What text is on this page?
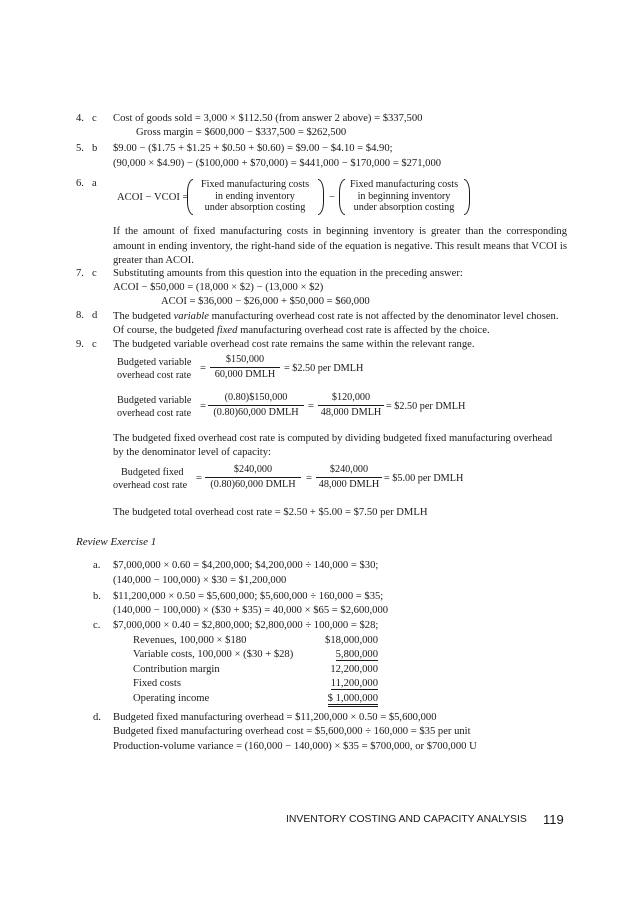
4. c Cost of goods sold = 3,000 × $112.50 (from answer 2 above) = $337,500
Gross margin = $600,000 − $337,500 = $262,500
5. b $9.00 − ($1.75 + $1.25 + $0.50 + $0.60) = $9.00 − $4.10 = $4.90;
(90,000 × $4.90) − ($100,000 + $70,000) = $441,000 − $170,000 = $271,000
6. a
ACOI − VCOI =
Fixed manufacturing costs
in ending inventory
under absorption costing
−
Fixed manufacturing costs
in beginning inventory
under absorption costing
If the amount of fixed manufacturing costs in beginning inventory is greater than the corresponding amount in ending inventory, the right-hand side of the equation is negative. This result means that VCOI is greater than ACOI.
7. c Substituting amounts from this question into the equation in the preceding answer:
ACOI − $50,000 = (18,000 × $2) − (13,000 × $2)
ACOI = $36,000 − $26,000 + $50,000 = $60,000
8. d The budgeted variable manufacturing overhead cost rate is not affected by the denominator level chosen. Of course, the budgeted fixed manufacturing overhead cost rate is affected by the choice.
9. c The budgeted variable overhead cost rate remains the same within the relevant range.
Budgeted variable
overhead cost rate
=
$150,000
60,000 DMLH
= $2.50 per DMLH
Budgeted variable
overhead cost rate
=
(0.80)$150,000
(0.80)60,000 DMLH
=
$120,000
48,000 DMLH
= $2.50 per DMLH
The budgeted fixed overhead cost rate is computed by dividing budgeted fixed manufacturing overhead by the denominator level of capacity:
Budgeted fixed
overhead cost rate
=
$240,000
(0.80)60,000 DMLH
=
$240,000
48,000 DMLH
= $5.00 per DMLH
The budgeted total overhead cost rate = $2.50 + $5.00 = $7.50 per DMLH
Review Exercise 1
a. $7,000,000 × 0.60 = $4,200,000; $4,200,000 ÷ 140,000 = $30;
(140,000 − 100,000) × $30 = $1,200,000
b. $11,200,000 × 0.50 = $5,600,000; $5,600,000 ÷ 160,000 = $35;
(140,000 − 100,000) × ($30 + $35) = 40,000 × $65 = $2,600,000
c. $7,000,000 × 0.40 = $2,800,000; $2,800,000 ÷ 100,000 = $28;
Revenues, 100,000 × $180	$18,000,000
Variable costs, 100,000 × ($30 + $28)	5,800,000
Contribution margin	12,200,000
Fixed costs	11,200,000
Operating income	$ 1,000,000
d. Budgeted fixed manufacturing overhead = $11,200,000 × 0.50 = $5,600,000
Budgeted fixed manufacturing overhead cost = $5,600,000 ÷ 160,000 = $35 per unit
Production-volume variance = (160,000 − 140,000) × $35 = $700,000, or $700,000 U
INVENTORY COSTING AND CAPACITY ANALYSIS 119
